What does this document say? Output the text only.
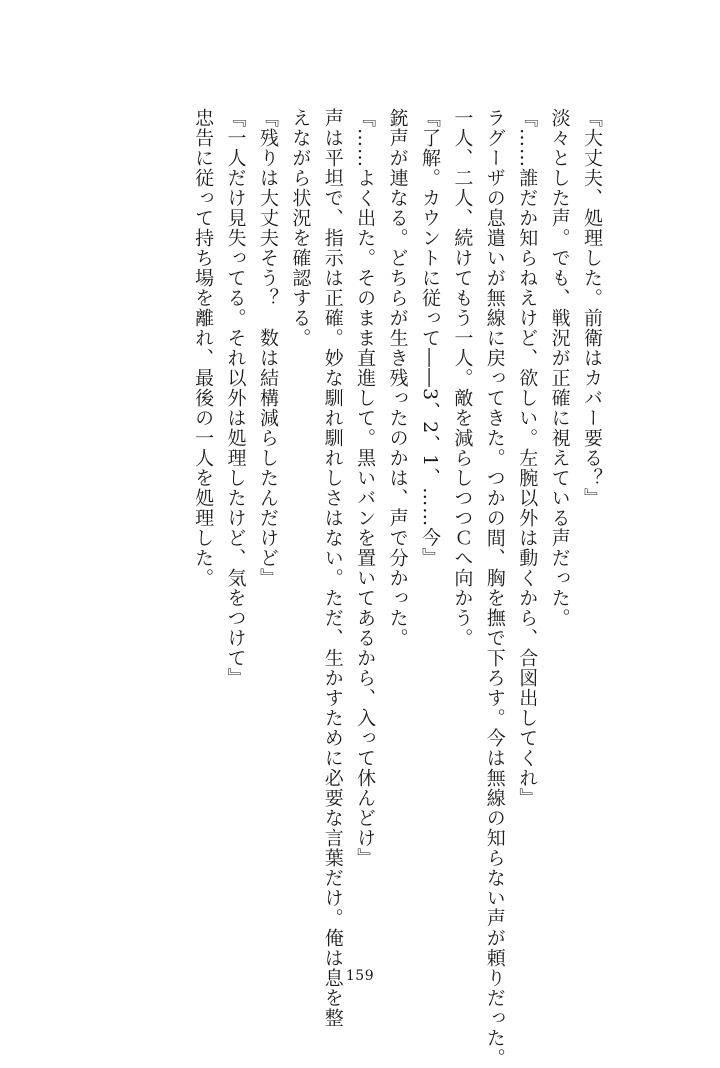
『大丈夫、処理した。前衛はカバー要る？』
淡々とした声。でも、戦況が正確に視えている声だった。
『……誰だか知らねえけど、欲しい。左腕以外は動くから、合図出してくれ』
ラグーザの息遣いが無線に戻ってきた。つかの間、胸を撫で下ろす。今は無線の知らない声が頼りだった。
一人、二人、続けてもう一人。敵を減らしつつＣへ向かう。
『了解。カウントに従って――3、2、1、……今』
銃声が連なる。どちらが生き残ったのかは、声で分かった。
『……よく出た。そのまま直進して。黒いバンを置いてあるから、入って休んどけ』
声は平坦で、指示は正確。妙な馴れ馴れしさはない。ただ、生かすために必要な言葉だけ。俺は息を整
えながら状況を確認する。
『残りは大丈夫そう？　数は結構減らしたんだけど』
『一人だけ見失ってる。それ以外は処理したけど、気をつけて』
忠告に従って持ち場を離れ、最後の一人を処理した。
159
